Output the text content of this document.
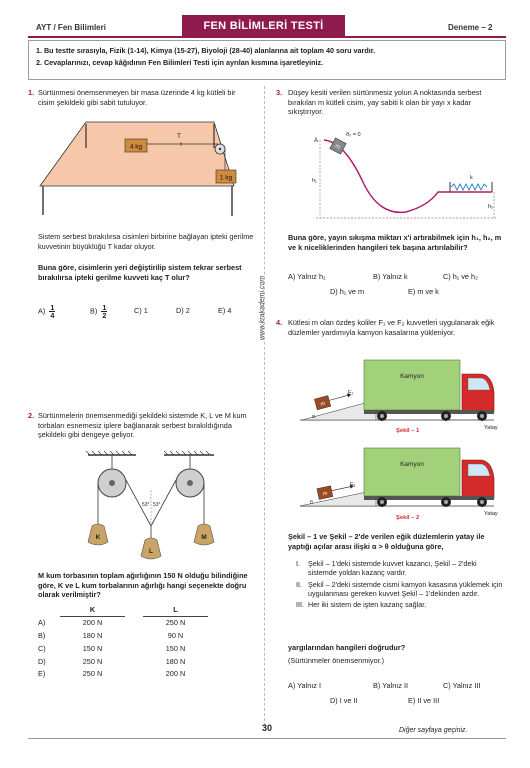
AYT / Fen Bilimleri	FEN BİLİMLERİ TESTİ	Deneme – 2
1. Bu testte sırasıyla, Fizik (1-14), Kimya (15-27), Biyoloji (28-40) alanlarına ait toplam 40 soru vardır.
2. Cevaplarınızı, cevap kâğıdının Fen Bilimleri Testi için ayrılan kısmına işaretleyiniz.
www.krakademi.com
1. Sürtünmesi önemsenmeyen bir masa üzerinde 4 kg kütleli bir cisim şekildeki gibi sabit tutuluyor.
4 kg
T
1 kg
Sistem serbest bırakılırsa cisimleri birbirine bağlayan ipteki gerilme kuvvetinin büyüklüğü T kadar oluyor.
Buna göre, cisimlerin yeri değiştirilip sistem tekrar serbest bırakılırsa ipteki gerilme kuvveti kaç T olur?
$A) \frac{1}{4}$	$B) \frac{1}{2}$	C) 1	D) 2	E) 4
2. Sürtünmelerin önemsenmediği şekildeki sistemde K, L ve M kum torbaları esnemesiz iplere bağlanarak serbest bırakıldığında şekildeki gibi dengeye geliyor.
53° 53°
K
L
M
M kum torbasının toplam ağırlığının 150 N olduğu bilindiğine göre, K ve L kum torbalarının ağırlığı hangi seçenekte doğru olarak verilmiştir?
	K		L
A)	200 N		250 N
B)	180 N		90 N
C)	150 N		150 N
D)	250 N		180 N
E)	250 N		200 N
3. Düşey kesiti verilen sürtünmesiz yolun A noktasında serbest bırakılan m kütleli cisim, yay sabiti k olan bir yayı x kadar sıkıştırıyor.
h₁
A
m
ϑ₀ = 0
k
h₂
Buna göre, yayın sıkışma miktarı x'i artırabilmek için h₁, h₂, m ve k niceliklerinden hangileri tek başına artırılabilir?
A) Yalnız h₁	B) Yalnız k	C) h₁ ve h₂
D) h₁ ve m	E) m ve k
4. Kütlesi m olan özdeş koliler F₁ ve F₂ kuvvetleri uygulanarak eğik düzlemler yardımıyla kamyon kasalarına yükleniyor.
α
m
F₁
Kamyon
Yatay
Şekil – 1
θ
m
F₂
Kamyon
Yatay
Şekil – 2
Şekil – 1 ve Şekil – 2'de verilen eğik düzlemlerin yatay ile yaptığı açılar arası ilişki α > θ olduğuna göre,
I.	Şekil – 1'deki sistemde kuvvet kazancı, Şekil – 2'deki sistemde yoldan kazanç vardır.
II. Şekil – 2'deki sistemde cismi kamyon kasasına yüklemek için uygulanması gereken kuvvet Şekil – 1'dekinden azdır.
III. Her iki sistem de işten kazanç sağlar.
yargılarından hangileri doğrudur?
(Sürtünmeler önemsenmiyor.)
A) Yalnız I	B) Yalnız II	C) Yalnız III
D) I ve II	E) II ve III
30	Diğer sayfaya geçiniz.
